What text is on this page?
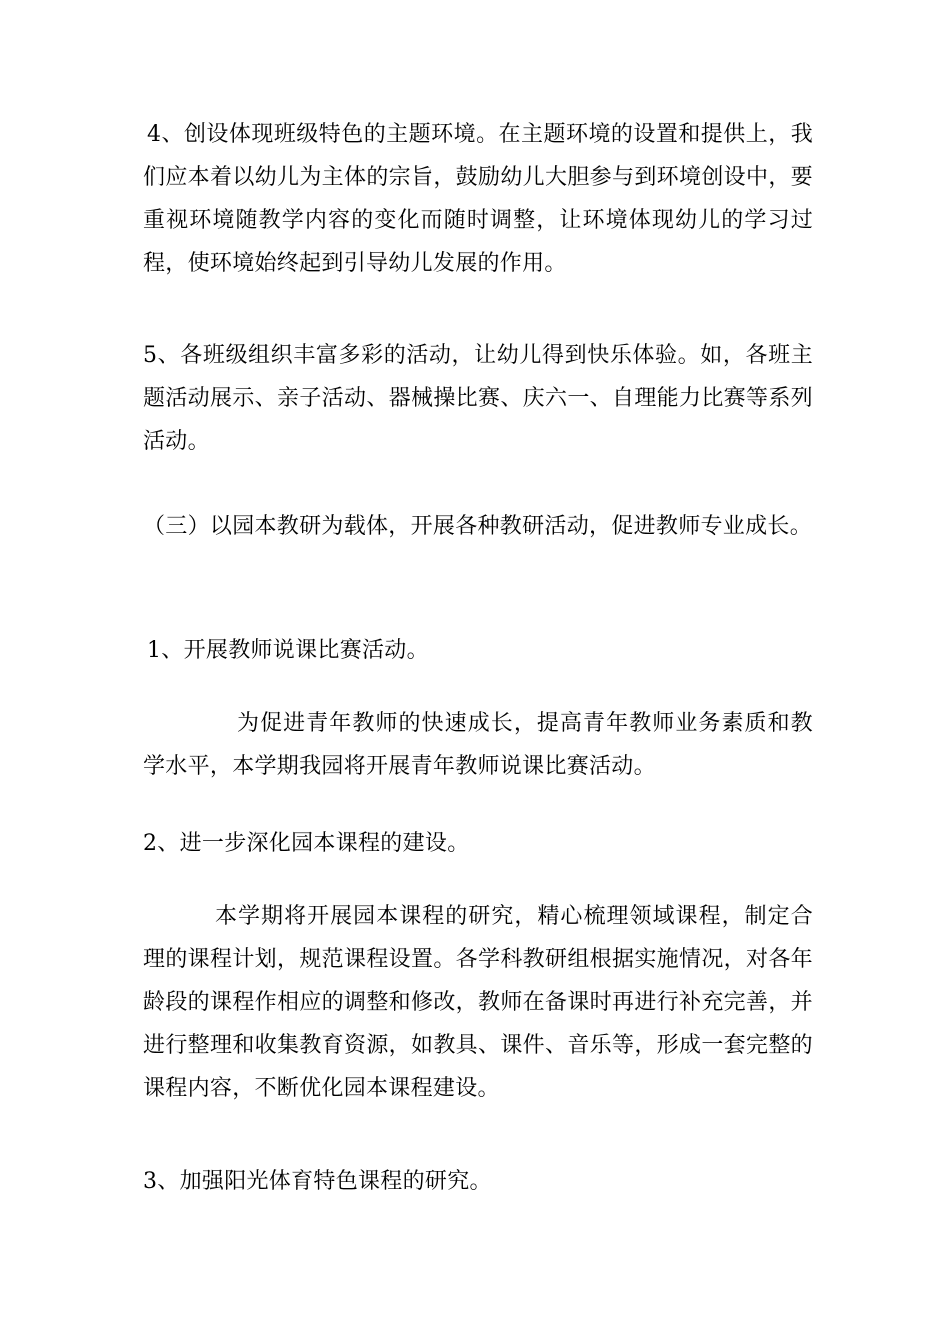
4、创设体现班级特色的主题环境。在主题环境的设置和提供上，我们应本着以幼儿为主体的宗旨，鼓励幼儿大胆参与到环境创设中，要重视环境随教学内容的变化而随时调整，让环境体现幼儿的学习过程，使环境始终起到引导幼儿发展的作用。

5、各班级组织丰富多彩的活动，让幼儿得到快乐体验。如，各班主题活动展示、亲子活动、器械操比赛、庆六一、自理能力比赛等系列活动。

（三）以园本教研为载体，开展各种教研活动，促进教师专业成长。

1、开展教师说课比赛活动。

为促进青年教师的快速成长，提高青年教师业务素质和教学水平，本学期我园将开展青年教师说课比赛活动。

2、进一步深化园本课程的建设。

本学期将开展园本课程的研究，精心梳理领域课程，制定合理的课程计划，规范课程设置。各学科教研组根据实施情况，对各年龄段的课程作相应的调整和修改，教师在备课时再进行补充完善，并进行整理和收集教育资源，如教具、课件、音乐等，形成一套完整的课程内容，不断优化园本课程建设。

3、加强阳光体育特色课程的研究。
